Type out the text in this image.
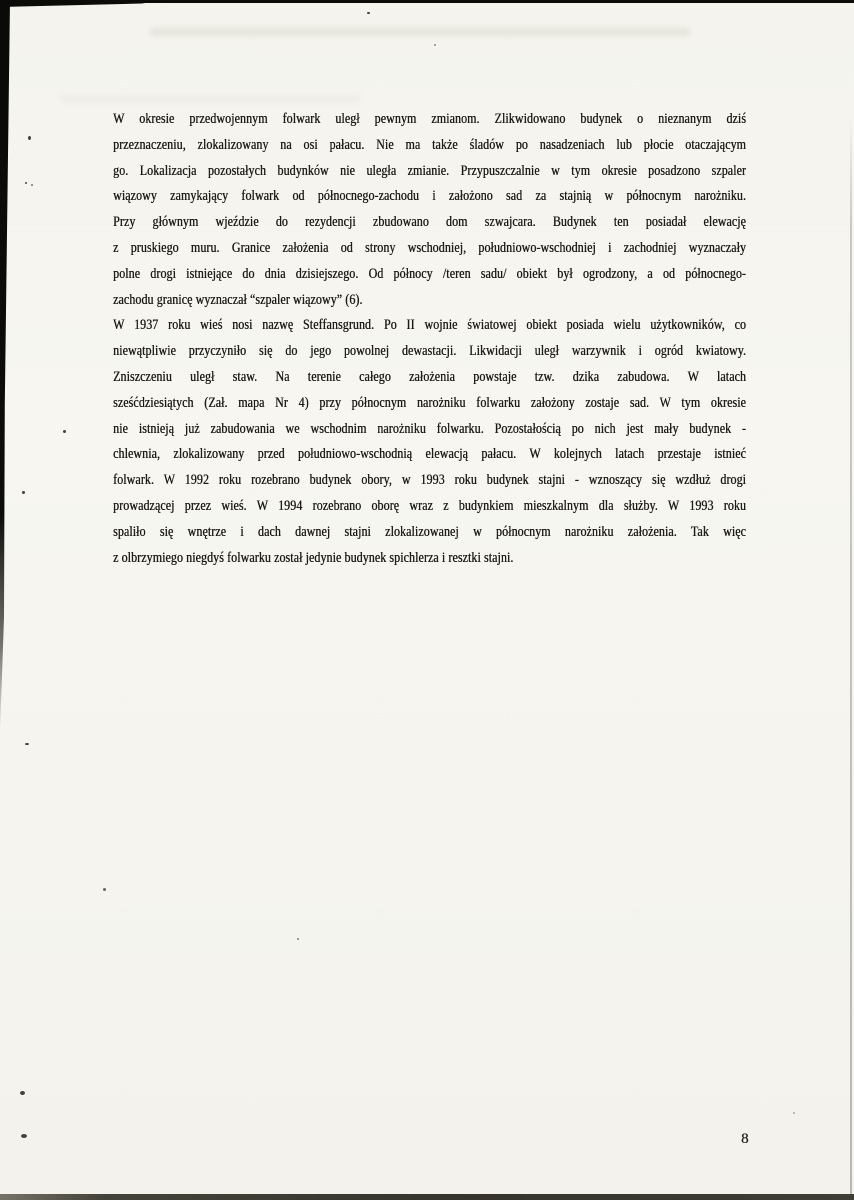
W okresie przedwojennym folwark uległ pewnym zmianom. Zlikwidowano budynek o nieznanym dziś
przeznaczeniu, zlokalizowany na osi pałacu. Nie ma także śladów po nasadzeniach lub płocie otaczającym
go. Lokalizacja pozostałych budynków nie uległa zmianie. Przypuszczalnie w tym okresie posadzono szpaler
wiązowy zamykający folwark od północnego-zachodu i założono sad za stajnią w północnym narożniku.
Przy głównym wjeździe do rezydencji zbudowano dom szwajcara. Budynek ten posiadał elewację
z pruskiego muru. Granice założenia od strony wschodniej, południowo-wschodniej i zachodniej wyznaczały
polne drogi istniejące do dnia dzisiejszego. Od północy /teren sadu/ obiekt był ogrodzony, a od północnego-
zachodu granicę wyznaczał “szpaler wiązowy” (6).
W 1937 roku wieś nosi nazwę Steffansgrund. Po II wojnie światowej obiekt posiada wielu użytkowników, co
niewątpliwie przyczyniło się do jego powolnej dewastacji. Likwidacji uległ warzywnik i ogród kwiatowy.
Zniszczeniu uległ staw. Na terenie całego założenia powstaje tzw. dzika zabudowa. W latach
sześćdziesiątych (Zał. mapa Nr 4) przy północnym narożniku folwarku założony zostaje sad. W tym okresie
nie istnieją już zabudowania we wschodnim narożniku folwarku. Pozostałością po nich jest mały budynek -
chlewnia, zlokalizowany przed południowo-wschodnią elewacją pałacu. W kolejnych latach przestaje istnieć
folwark. W 1992 roku rozebrano budynek obory, w 1993 roku budynek stajni - wznoszący się wzdłuż drogi
prowadzącej przez wieś. W 1994 rozebrano oborę wraz z budynkiem mieszkalnym dla służby. W 1993 roku
spaliło się wnętrze i dach dawnej stajni zlokalizowanej w północnym narożniku założenia. Tak więc
z olbrzymiego niegdyś folwarku został jedynie budynek spichlerza i resztki stajni.
8
